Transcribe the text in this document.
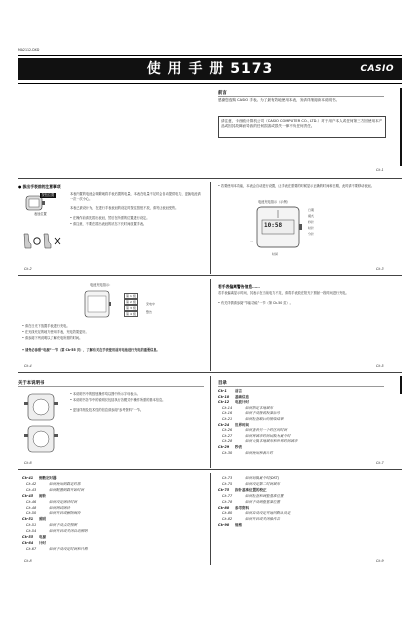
MA2112-DXD
使 用 手 册 5173	CASIO
前言
感谢您选购 CASIO 手表。为了最有效地使用本表，务请详细阅读本说明书。
请注意，卡西欧计算机公司（CASIO COMPUTER CO., LTD.）对于用户本人或任何第三方因使用本产品或因其故障而导致的任何损害或损失一律不负任何责任。
Ck-1
● 拔出手表前的注意事项
按钮位置
表冠位置
本表内置的电池会频繁地将手表后置的电量，本表在电量不足时会自动提供电力，更换电池请一次一次小心。
本表已被设计为，在进行手表表冠的设定时按住按钮不放，请勿让表冠受伤。
• 在操作前请先拔出表冠，然后在所需的位置进行设定。
• 请注意，不要在拔出表冠的状态下长时间放置手表。
Ck-2
• 若要使用本功能，本表会自动进行设置，让手表在需要的时候显示正确的时间和日期，此时请不要移动表冠。
电池充电指示（示例）
10:58
日期
模式
秒针
时针
分针
一
时间
Ck-3
电池充电指示：
第 1 级
第 2 级
第 3 级
第 4 级
充电中
警告
• 请在日光下放置手表进行充电。
• 在光线充足的地方使用手表，充电效果更好。
• 请参阅下列说明以了解充电所需的时间。
• 请务必参照“电源”一节（第 Ck-55 页），了解有关在手表使用前对电池进行充电的重要信息。
Ck-4
若手表偏离警告信息……
若手表偏离显示时间，其表示在当前电力不足，请将手表放在阳光下照射一段时间进行充电。
• 有关详情请参阅“节能功能”一节（第 Ck-50 页）。
Ck-5
关于本说明书
• 本说明书中的按钮操作均以图中所示字母表示。
• 本说明书各节中的说明仅包括执行各模式中操作所需的基本信息。
• 更加详细及技术性的信息请参阅“参考资料”一节。
Ck-6
目录
Ck-1	前言
Ck-10	基础信息
Ck-12	电波计时
Ck-14	如何指定本地城市
Ck-16	如何手动接收校准信号
Ck-21	如何检查最后的接收结果
Ck-24	世界时间
Ck-26	如何查看另一个时区的时间
Ck-27	如何将城市时间切换为夏令时
Ck-28	如何交换本地城市和世界时间城市
Ck-29	秒表
Ck-30	如何使用秒表计时
Ck-7
Ck-41	倒数定时器
Ck-42	如何使用倒数定时器
Ck-43	如何配置倒数开始时间
Ck-45	闹铃
Ck-46	如何设定闹铃时间
Ck-48	如何测试闹铃
Ck-50	如何开启或解除闹铃
Ck-51	照明
Ck-51	如何手动点亮照明
Ck-54	如何开启或关闭自动照明
Ck-55	电源
Ck-64	计时
Ck-67	如何手动设定时间和日期
Ck-73	如何切换夏令时(DST)
Ck-75	如何设定第二时间城市
Ck-75	指针基准位置的校正
Ck-77	如何检查和调整基准位置
Ck-78	如何手动调整基准位置
Ck-80	参考资料
Ck-80	如何自动设定并返回默认设定
Ck-82	如何开启或关闭操作音
Ck-90	规格
Ck-8	Ck-9
